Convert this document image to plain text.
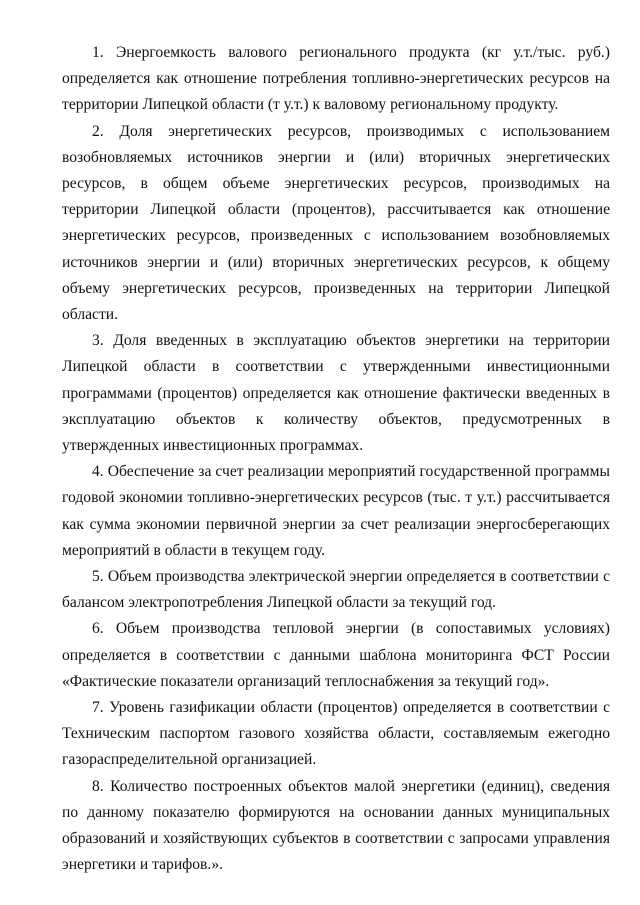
1. Энергоемкость валового регионального продукта (кг у.т./тыс. руб.) определяется как отношение потребления топливно-энергетических ресурсов на территории Липецкой области (т у.т.) к валовому региональному продукту.

2. Доля энергетических ресурсов, производимых с использованием возобновляемых источников энергии и (или) вторичных энергетических ресурсов, в общем объеме энергетических ресурсов, производимых на территории Липецкой области (процентов), рассчитывается как отношение энергетических ресурсов, произведенных с использованием возобновляемых источников энергии и (или) вторичных энергетических ресурсов, к общему объему энергетических ресурсов, произведенных на территории Липецкой области.

3. Доля введенных в эксплуатацию объектов энергетики на территории Липецкой области в соответствии с утвержденными инвестиционными программами (процентов) определяется как отношение фактически введенных в эксплуатацию объектов к количеству объектов, предусмотренных в утвержденных инвестиционных программах.

4. Обеспечение за счет реализации мероприятий государственной программы годовой экономии топливно-энергетических ресурсов (тыс. т у.т.) рассчитывается как сумма экономии первичной энергии за счет реализации энергосберегающих мероприятий в области в текущем году.

5. Объем производства электрической энергии определяется в соответствии с балансом электропотребления Липецкой области за текущий год.

6. Объем производства тепловой энергии (в сопоставимых условиях) определяется в соответствии с данными шаблона мониторинга ФСТ России «Фактические показатели организаций теплоснабжения за текущий год».

7. Уровень газификации области (процентов) определяется в соответствии с Техническим паспортом газового хозяйства области, составляемым ежегодно газораспределительной организацией.

8. Количество построенных объектов малой энергетики (единиц), сведения по данному показателю формируются на основании данных муниципальных образований и хозяйствующих субъектов в соответствии с запросами управления энергетики и тарифов.».
